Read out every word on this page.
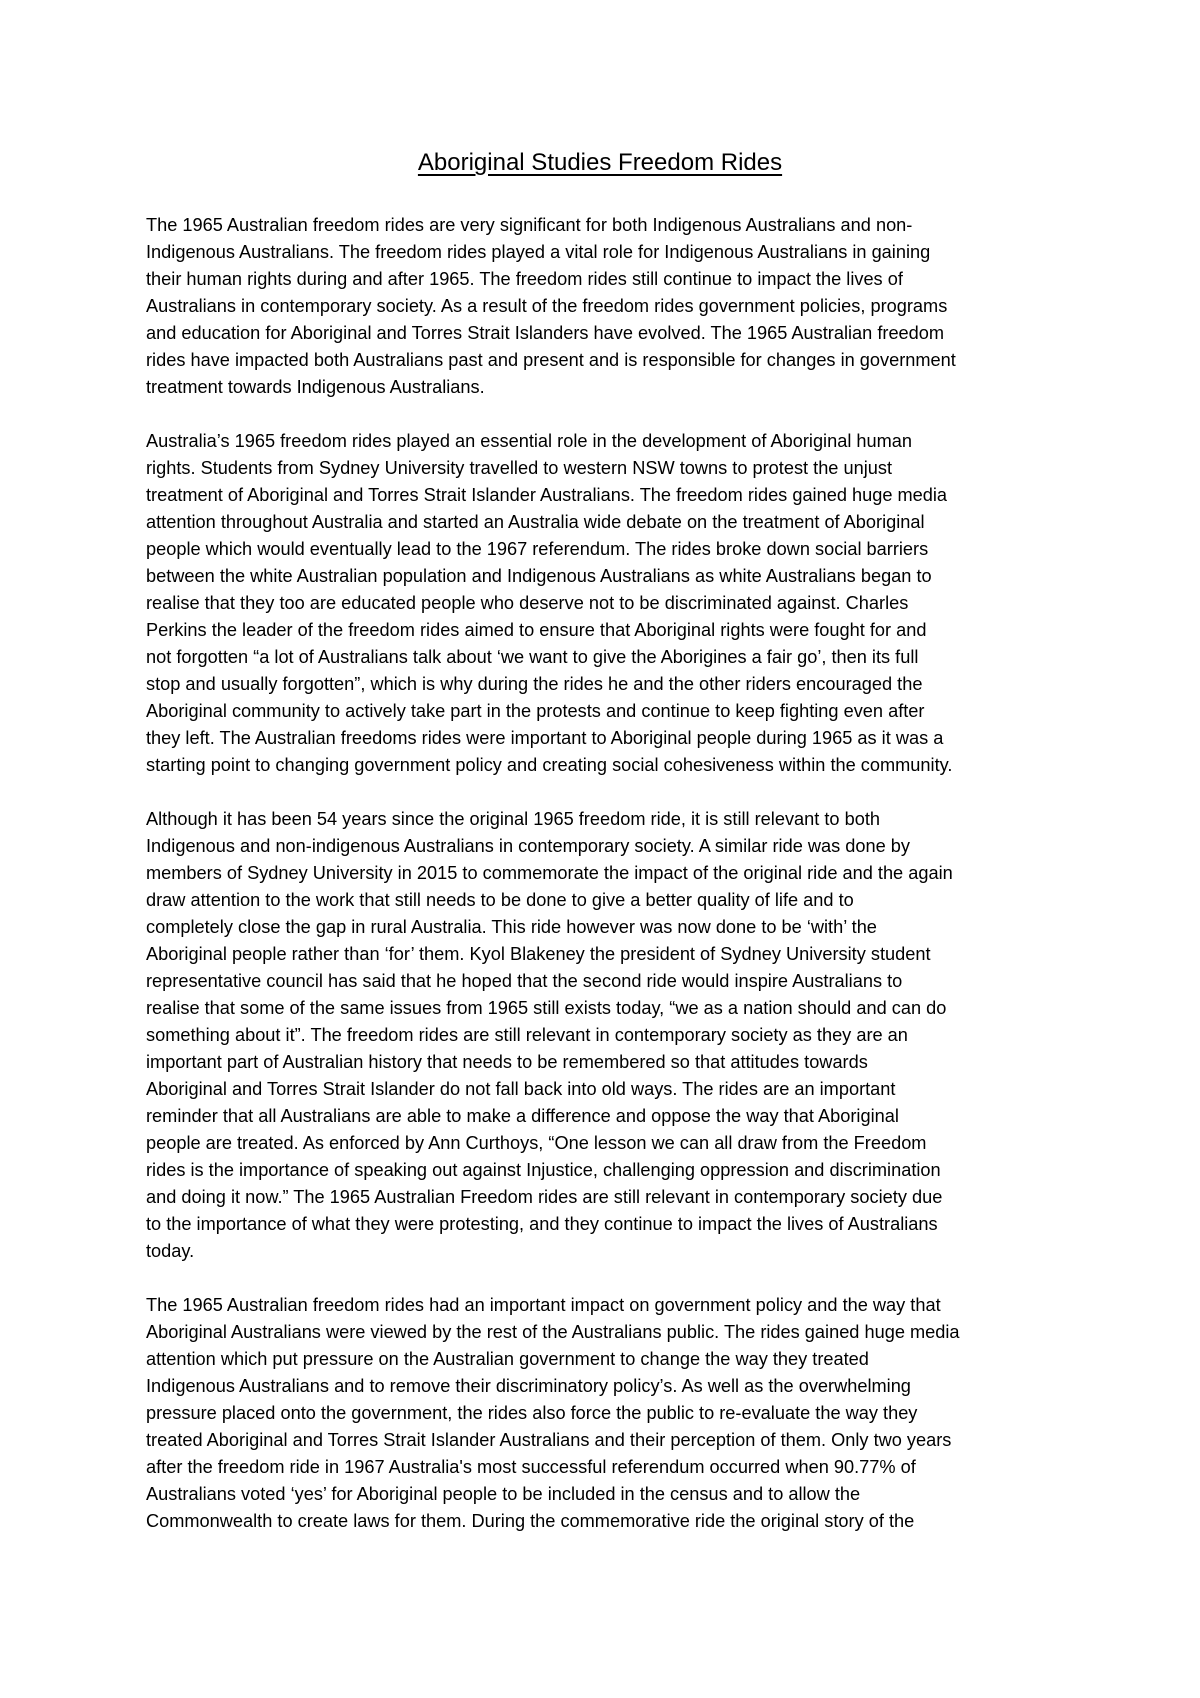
Aboriginal Studies Freedom Rides

The 1965 Australian freedom rides are very significant for both Indigenous Australians and non-
Indigenous Australians. The freedom rides played a vital role for Indigenous Australians in gaining
their human rights during and after 1965. The freedom rides still continue to impact the lives of
Australians in contemporary society. As a result of the freedom rides government policies, programs
and education for Aboriginal and Torres Strait Islanders have evolved. The 1965 Australian freedom
rides have impacted both Australians past and present and is responsible for changes in government
treatment towards Indigenous Australians.

Australia’s 1965 freedom rides played an essential role in the development of Aboriginal human
rights. Students from Sydney University travelled to western NSW towns to protest the unjust
treatment of Aboriginal and Torres Strait Islander Australians. The freedom rides gained huge media
attention throughout Australia and started an Australia wide debate on the treatment of Aboriginal
people which would eventually lead to the 1967 referendum. The rides broke down social barriers
between the white Australian population and Indigenous Australians as white Australians began to
realise that they too are educated people who deserve not to be discriminated against. Charles
Perkins the leader of the freedom rides aimed to ensure that Aboriginal rights were fought for and
not forgotten “a lot of Australians talk about ‘we want to give the Aborigines a fair go’, then its full
stop and usually forgotten”, which is why during the rides he and the other riders encouraged the
Aboriginal community to actively take part in the protests and continue to keep fighting even after
they left. The Australian freedoms rides were important to Aboriginal people during 1965 as it was a
starting point to changing government policy and creating social cohesiveness within the community.

Although it has been 54 years since the original 1965 freedom ride, it is still relevant to both
Indigenous and non-indigenous Australians in contemporary society. A similar ride was done by
members of Sydney University in 2015 to commemorate the impact of the original ride and the again
draw attention to the work that still needs to be done to give a better quality of life and to
completely close the gap in rural Australia. This ride however was now done to be ‘with’ the
Aboriginal people rather than ‘for’ them. Kyol Blakeney the president of Sydney University student
representative council has said that he hoped that the second ride would inspire Australians to
realise that some of the same issues from 1965 still exists today, “we as a nation should and can do
something about it”. The freedom rides are still relevant in contemporary society as they are an
important part of Australian history that needs to be remembered so that attitudes towards
Aboriginal and Torres Strait Islander do not fall back into old ways. The rides are an important
reminder that all Australians are able to make a difference and oppose the way that Aboriginal
people are treated. As enforced by Ann Curthoys, “One lesson we can all draw from the Freedom
rides is the importance of speaking out against Injustice, challenging oppression and discrimination
and doing it now.” The 1965 Australian Freedom rides are still relevant in contemporary society due
to the importance of what they were protesting, and they continue to impact the lives of Australians
today.

The 1965 Australian freedom rides had an important impact on government policy and the way that
Aboriginal Australians were viewed by the rest of the Australians public. The rides gained huge media
attention which put pressure on the Australian government to change the way they treated
Indigenous Australians and to remove their discriminatory policy’s. As well as the overwhelming
pressure placed onto the government, the rides also force the public to re-evaluate the way they
treated Aboriginal and Torres Strait Islander Australians and their perception of them. Only two years
after the freedom ride in 1967 Australia's most successful referendum occurred when 90.77% of
Australians voted ‘yes’ for Aboriginal people to be included in the census and to allow the
Commonwealth to create laws for them. During the commemorative ride the original story of the
